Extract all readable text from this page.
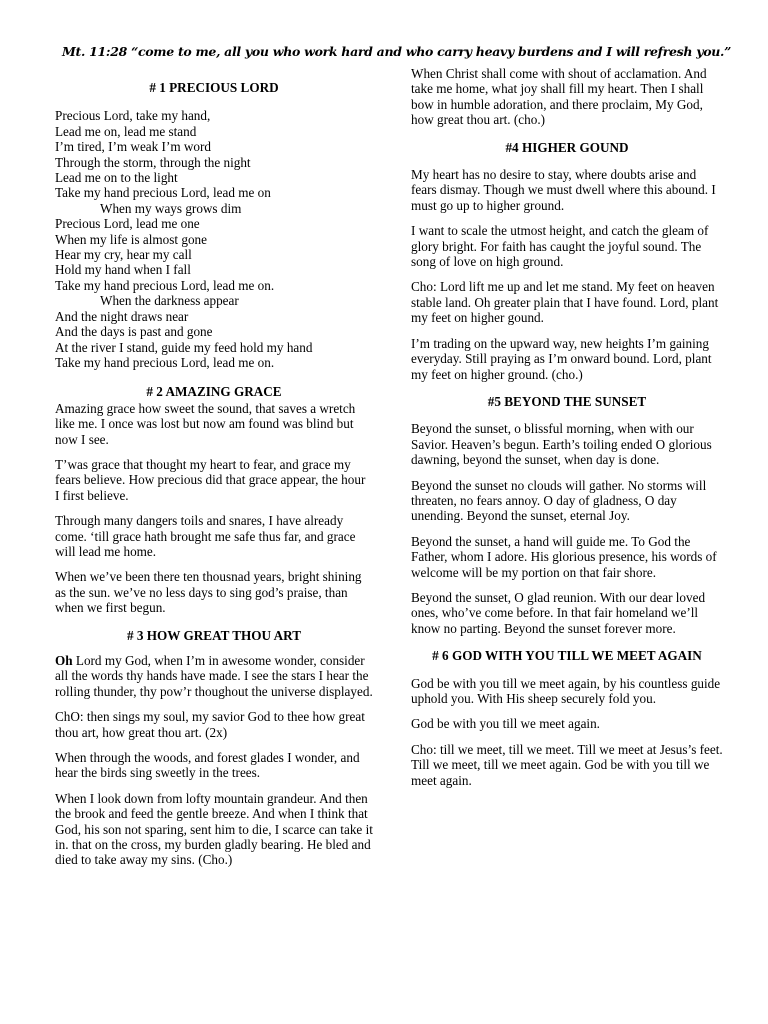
Mt. 11:28 “come to me, all you who work hard and who carry heavy burdens and I will refresh you.”

# 1 PRECIOUS LORD

Precious Lord, take my hand,
Lead me on, lead me stand
I’m tired, I’m weak I’m word
Through the storm, through the night
Lead me on to the light
Take my hand precious Lord, lead me on
When my ways grows dim
Precious Lord, lead me one
When my life is almost gone
Hear my cry, hear my call
Hold my hand when I fall
Take my hand precious Lord, lead me on.
When the darkness appear
And the night draws near
And the days is past and gone
At the river I stand, guide my feed hold my hand
Take my hand precious Lord, lead me on.

# 2 AMAZING GRACE

Amazing grace how sweet the sound, that saves a wretch like me. I once was lost but now am found was blind but now I see.

T’was grace that thought my heart to fear, and grace my fears believe. How precious did that grace appear, the hour I first believe.

Through many dangers toils and snares, I have already come. ‘till grace hath brought me safe thus far, and grace will lead me home.

When we’ve been there ten thousnad years, bright shining as the sun. we’ve no less days to sing god’s praise, than when we first begun.

# 3 HOW GREAT THOU ART

Oh Lord my God, when I’m in awesome wonder, consider all the words thy hands have made. I see the stars I hear the rolling thunder, thy pow’r thoughout the universe displayed.

ChO: then sings my soul, my savior God to thee how great thou art, how great thou art. (2x)

When through the woods, and forest glades I wonder, and hear the birds sing sweetly in the trees.

When I look down from lofty mountain grandeur. And then the brook and feed the gentle breeze. And when I think that God, his son not sparing, sent him to die, I scarce can take it in. that on the cross, my burden gladly bearing. He bled and died to take away my sins. (Cho.)

When Christ shall come with shout of acclamation. And take me home, what joy shall fill my heart. Then I shall bow in humble adoration, and there proclaim, My God, how great thou art. (cho.)

#4 HIGHER GOUND

My heart has no desire to stay, where doubts arise and fears dismay. Though we must dwell where this abound. I must go up to higher ground.

I want to scale the utmost height, and catch the gleam of glory bright. For faith has caught the joyful sound. The song of love on high ground.

Cho: Lord lift me up and let me stand. My feet on heaven stable land. Oh greater plain that I have found. Lord, plant my feet on higher gound.

I’m trading on the upward way, new heights I’m gaining everyday. Still praying as I’m onward bound. Lord, plant my feet on higher ground. (cho.)

#5 BEYOND THE SUNSET

Beyond the sunset, o blissful morning, when with our Savior. Heaven’s begun. Earth’s toiling ended O glorious dawning, beyond the sunset, when day is done.

Beyond the sunset no clouds will gather. No storms will threaten, no fears annoy. O day of gladness, O day unending. Beyond the sunset, eternal Joy.

Beyond the sunset, a hand will guide me. To God the Father, whom I adore. His glorious presence, his words of welcome will be my portion on that fair shore.

Beyond the sunset, O glad reunion. With our dear loved ones, who’ve come before. In that fair homeland we’ll know no parting. Beyond the sunset forever more.

# 6 GOD WITH YOU TILL WE MEET AGAIN

God be with you till we meet again, by his countless guide uphold you. With His sheep securely fold you.

God be with you till we meet again.

Cho: till we meet, till we meet. Till we meet at Jesus’s feet. Till we meet, till we meet again. God be with you till we meet again.
